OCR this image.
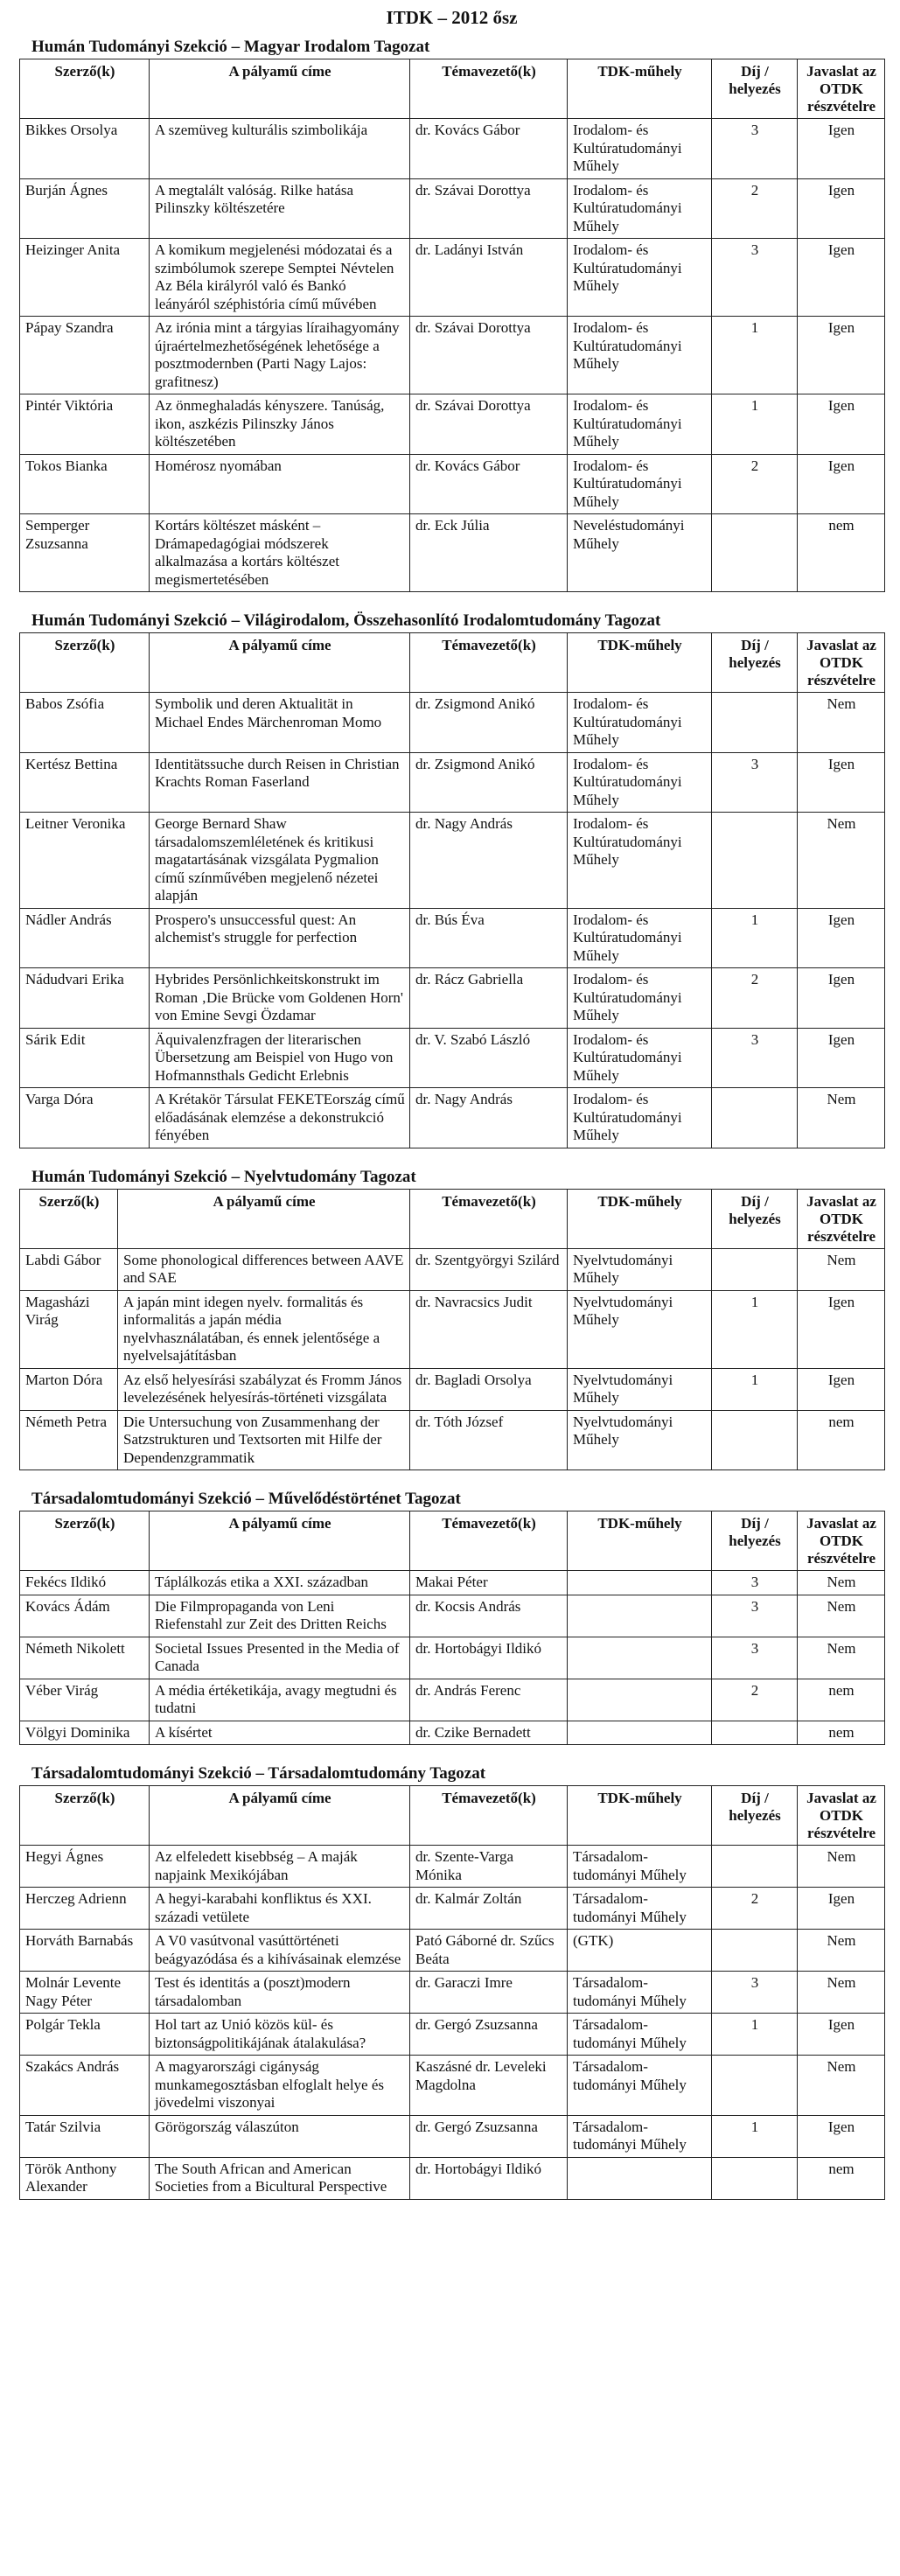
ITDK – 2012 ősz
Humán Tudományi Szekció – Magyar Irodalom Tagozat
Szerző(k)	A pályamű címe	Témavezető(k)	TDK-műhely	Díj / helyezés	Javaslat az OTDK részvételre
Bikkes Orsolya	A szemüveg kulturális szimbolikája	dr. Kovács Gábor	Irodalom- és Kultúratudományi Műhely	3	Igen
Burján Ágnes	A megtalált valóság. Rilke hatása Pilinszky költészetére	dr. Szávai Dorottya	Irodalom- és Kultúratudományi Műhely	2	Igen
Heizinger Anita	A komikum megjelenési módozatai és a szimbólumok szerepe Semptei Névtelen Az Béla királyról való és Bankó leányáról széphistória című művében	dr. Ladányi István	Irodalom- és Kultúratudományi Műhely	3	Igen
Pápay Szandra	Az irónia mint a tárgyias líraihagyomány újraértelmezhetőségének lehetősége a posztmodernben (Parti Nagy Lajos: grafitnesz)	dr. Szávai Dorottya	Irodalom- és Kultúratudományi Műhely	1	Igen
Pintér Viktória	Az önmeghaladás kényszere. Tanúság, ikon, aszkézis Pilinszky János költészetében	dr. Szávai Dorottya	Irodalom- és Kultúratudományi Műhely	1	Igen
Tokos Bianka	Homérosz nyomában	dr. Kovács Gábor	Irodalom- és Kultúratudományi Műhely	2	Igen
Semperger Zsuzsanna	Kortárs költészet másként – Drámapedagógiai módszerek alkalmazása a kortárs költészet megismertetésében	dr. Eck Júlia	Neveléstudományi Műhely		nem
Humán Tudományi Szekció – Világirodalom, Összehasonlító Irodalomtudomány Tagozat
Szerző(k)	A pályamű címe	Témavezető(k)	TDK-műhely	Díj / helyezés	Javaslat az OTDK részvételre
Babos Zsófia	Symbolik und deren Aktualität in Michael Endes Märchenroman Momo	dr. Zsigmond Anikó	Irodalom- és Kultúratudományi Műhely		Nem
Kertész Bettina	Identitätssuche durch Reisen in Christian Krachts Roman Faserland	dr. Zsigmond Anikó	Irodalom- és Kultúratudományi Műhely	3	Igen
Leitner Veronika	George Bernard Shaw társadalomszemléletének és kritikusi magatartásának vizsgálata Pygmalion című színművében megjelenő nézetei alapján	dr. Nagy András	Irodalom- és Kultúratudományi Műhely		Nem
Nádler András	Prospero's unsuccessful quest: An alchemist's struggle for perfection	dr. Bús Éva	Irodalom- és Kultúratudományi Műhely	1	Igen
Nádudvari Erika	Hybrides Persönlichkeitskonstrukt im Roman ‚Die Brücke vom Goldenen Horn' von Emine Sevgi Özdamar	dr. Rácz Gabriella	Irodalom- és Kultúratudományi Műhely	2	Igen
Sárik Edit	Äquivalenzfragen der literarischen Übersetzung am Beispiel von Hugo von Hofmannsthals Gedicht Erlebnis	dr. V. Szabó László	Irodalom- és Kultúratudományi Műhely	3	Igen
Varga Dóra	A Krétakör Társulat FEKETEország című előadásának elemzése a dekonstrukció fényében	dr. Nagy András	Irodalom- és Kultúratudományi Műhely		Nem
Humán Tudományi Szekció – Nyelvtudomány Tagozat
Szerző(k)	A pályamű címe	Témavezető(k)	TDK-műhely	Díj / helyezés	Javaslat az OTDK részvételre
Labdi Gábor	Some phonological differences between AAVE and SAE	dr. Szentgyörgyi Szilárd	Nyelvtudományi Műhely		Nem
Magasházi Virág	A japán mint idegen nyelv. formalitás és informalitás a japán média nyelvhasználatában, és ennek jelentősége a nyelvelsajátításban	dr. Navracsics Judit	Nyelvtudományi Műhely	1	Igen
Marton Dóra	Az első helyesírási szabályzat és Fromm János levelezésének helyesírás-történeti vizsgálata	dr. Bagladi Orsolya	Nyelvtudományi Műhely	1	Igen
Németh Petra	Die Untersuchung von Zusammenhang der Satzstrukturen und Textsorten mit Hilfe der Dependenzgrammatik	dr. Tóth József	Nyelvtudományi Műhely		nem
Társadalomtudományi Szekció – Művelődéstörténet Tagozat
Szerző(k)	A pályamű címe	Témavezető(k)	TDK-műhely	Díj / helyezés	Javaslat az OTDK részvételre
Fekécs Ildikó	Táplálkozás etika a XXI. században	Makai Péter		3	Nem
Kovács Ádám	Die Filmpropaganda von Leni Riefenstahl zur Zeit des Dritten Reichs	dr. Kocsis András		3	Nem
Németh Nikolett	Societal Issues Presented in the Media of Canada	dr. Hortobágyi Ildikó		3	Nem
Véber Virág	A média értéketikája, avagy megtudni és tudatni	dr. András Ferenc		2	nem
Völgyi Dominika	A kísértet	dr. Czike Bernadett			nem
Társadalomtudományi Szekció – Társadalomtudomány Tagozat
Szerző(k)	A pályamű címe	Témavezető(k)	TDK-műhely	Díj / helyezés	Javaslat az OTDK részvételre
Hegyi Ágnes	Az elfeledett kisebbség – A maják napjaink Mexikójában	dr. Szente-Varga Mónika	Társadalom-tudományi Műhely		Nem
Herczeg Adrienn	A hegyi-karabahi konfliktus és XXI. századi vetülete	dr. Kalmár Zoltán	Társadalom-tudományi Műhely	2	Igen
Horváth Barnabás	A V0 vasútvonal vasúttörténeti beágyazódása és a kihívásainak elemzése	Pató Gáborné dr. Szűcs Beáta	(GTK)		Nem
Molnár Levente Nagy Péter	Test és identitás a (poszt)modern társadalomban	dr. Garaczi Imre	Társadalom-tudományi Műhely	3	Nem
Polgár Tekla	Hol tart az Unió közös kül- és biztonságpolitikájának átalakulása?	dr. Gergó Zsuzsanna	Társadalom-tudományi Műhely	1	Igen
Szakács András	A magyarországi cigányság munkamegosztásban elfoglalt helye és jövedelmi viszonyai	Kaszásné dr. Leveleki Magdolna	Társadalom-tudományi Műhely		Nem
Tatár Szilvia	Görögország válaszúton	dr. Gergó Zsuzsanna	Társadalom-tudományi Műhely	1	Igen
Török Anthony Alexander	The South African and American Societies from a Bicultural Perspective	dr. Hortobágyi Ildikó			nem
